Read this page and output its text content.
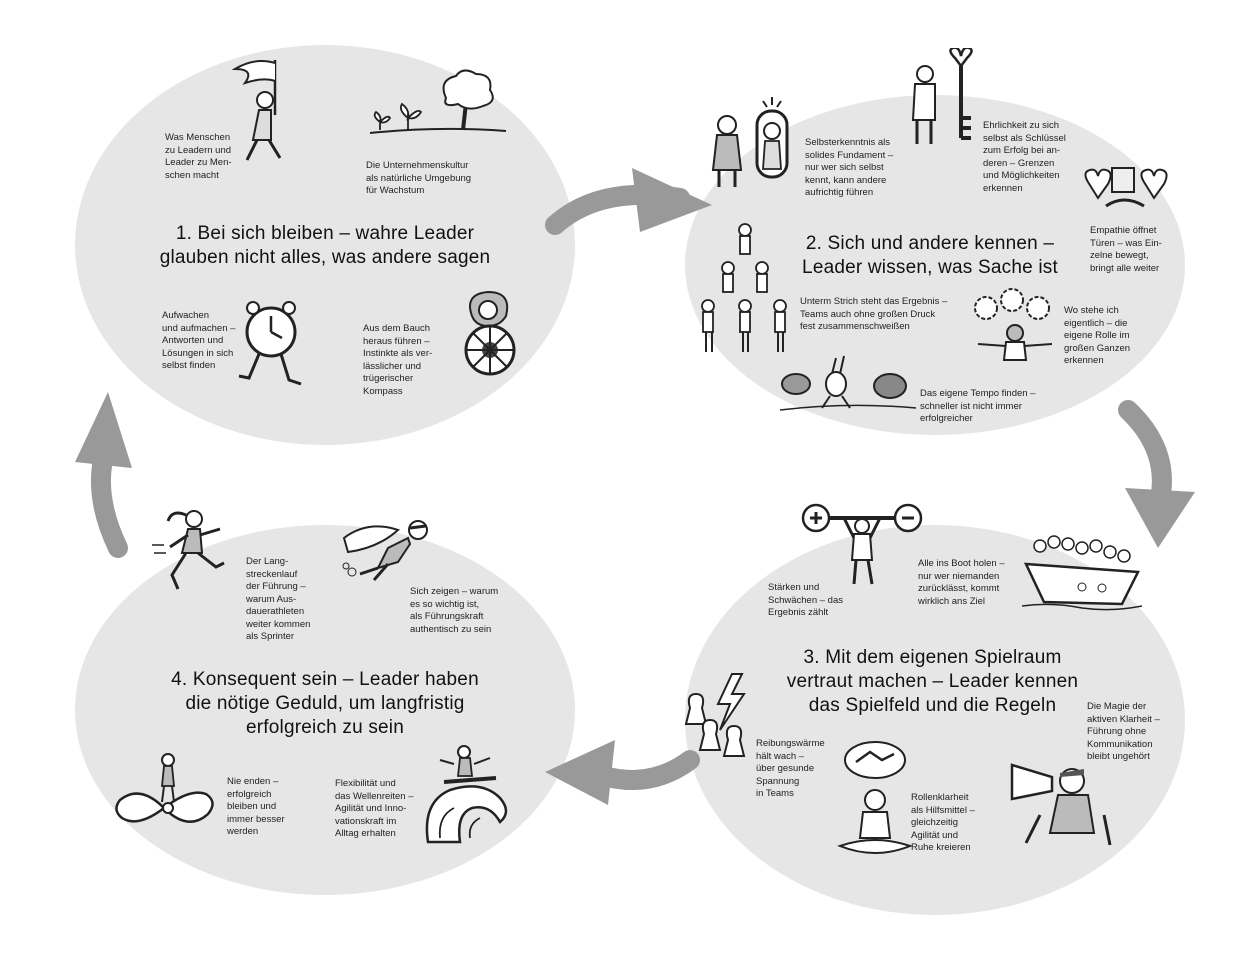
1. Bei sich bleiben – wahre Leader
glauben nicht alles, was andere sagen
Was Menschen
zu Leadern und
Leader zu Men-
schen macht
Die Unternehmenskultur
als natürliche Umgebung
für Wachstum
Aufwachen
und aufmachen –
Antworten und
Lösungen in sich
selbst finden
Aus dem Bauch
heraus führen –
Instinkte als ver-
lässlicher und
trügerischer
Kompass
2. Sich und andere kennen –
Leader wissen, was Sache ist
Selbsterkenntnis als
solides Fundament –
nur wer sich selbst
kennt, kann andere
aufrichtig führen
Ehrlichkeit zu sich
selbst als Schlüssel
zum Erfolg bei an-
deren – Grenzen
und Möglichkeiten
erkennen
Empathie öffnet
Türen – was Ein-
zelne bewegt,
bringt alle weiter
Unterm Strich steht das Ergebnis –
Teams auch ohne großen Druck
fest zusammenschweißen
Wo stehe ich
eigentlich – die
eigene Rolle im
großen Ganzen
erkennen
Das eigene Tempo finden –
schneller ist nicht immer
erfolgreicher
3. Mit dem eigenen Spielraum
vertraut machen – Leader kennen
das Spielfeld und die Regeln
Stärken und
Schwächen – das
Ergebnis zählt
Alle ins Boot holen –
nur wer niemanden
zurücklässt, kommt
wirklich ans Ziel
Die Magie der
aktiven Klarheit –
Führung ohne
Kommunikation
bleibt ungehört
Reibungswärme
hält wach –
über gesunde
Spannung
in Teams	Rollenklarheit
als Hilfsmittel –
gleichzeitig
Agilität und
Ruhe kreieren
4. Konsequent sein – Leader haben
die nötige Geduld, um langfristig
erfolgreich zu sein
Der Lang-
streckenlauf
der Führung –
warum Aus-
dauerathleten
weiter kommen
als Sprinter
Sich zeigen – warum
es so wichtig ist,
als Führungskraft
authentisch zu sein
Nie enden –
erfolgreich
bleiben und
immer besser
werden
Flexibilität und
das Wellenreiten –
Agilität und Inno-
vationskraft im
Alltag erhalten
